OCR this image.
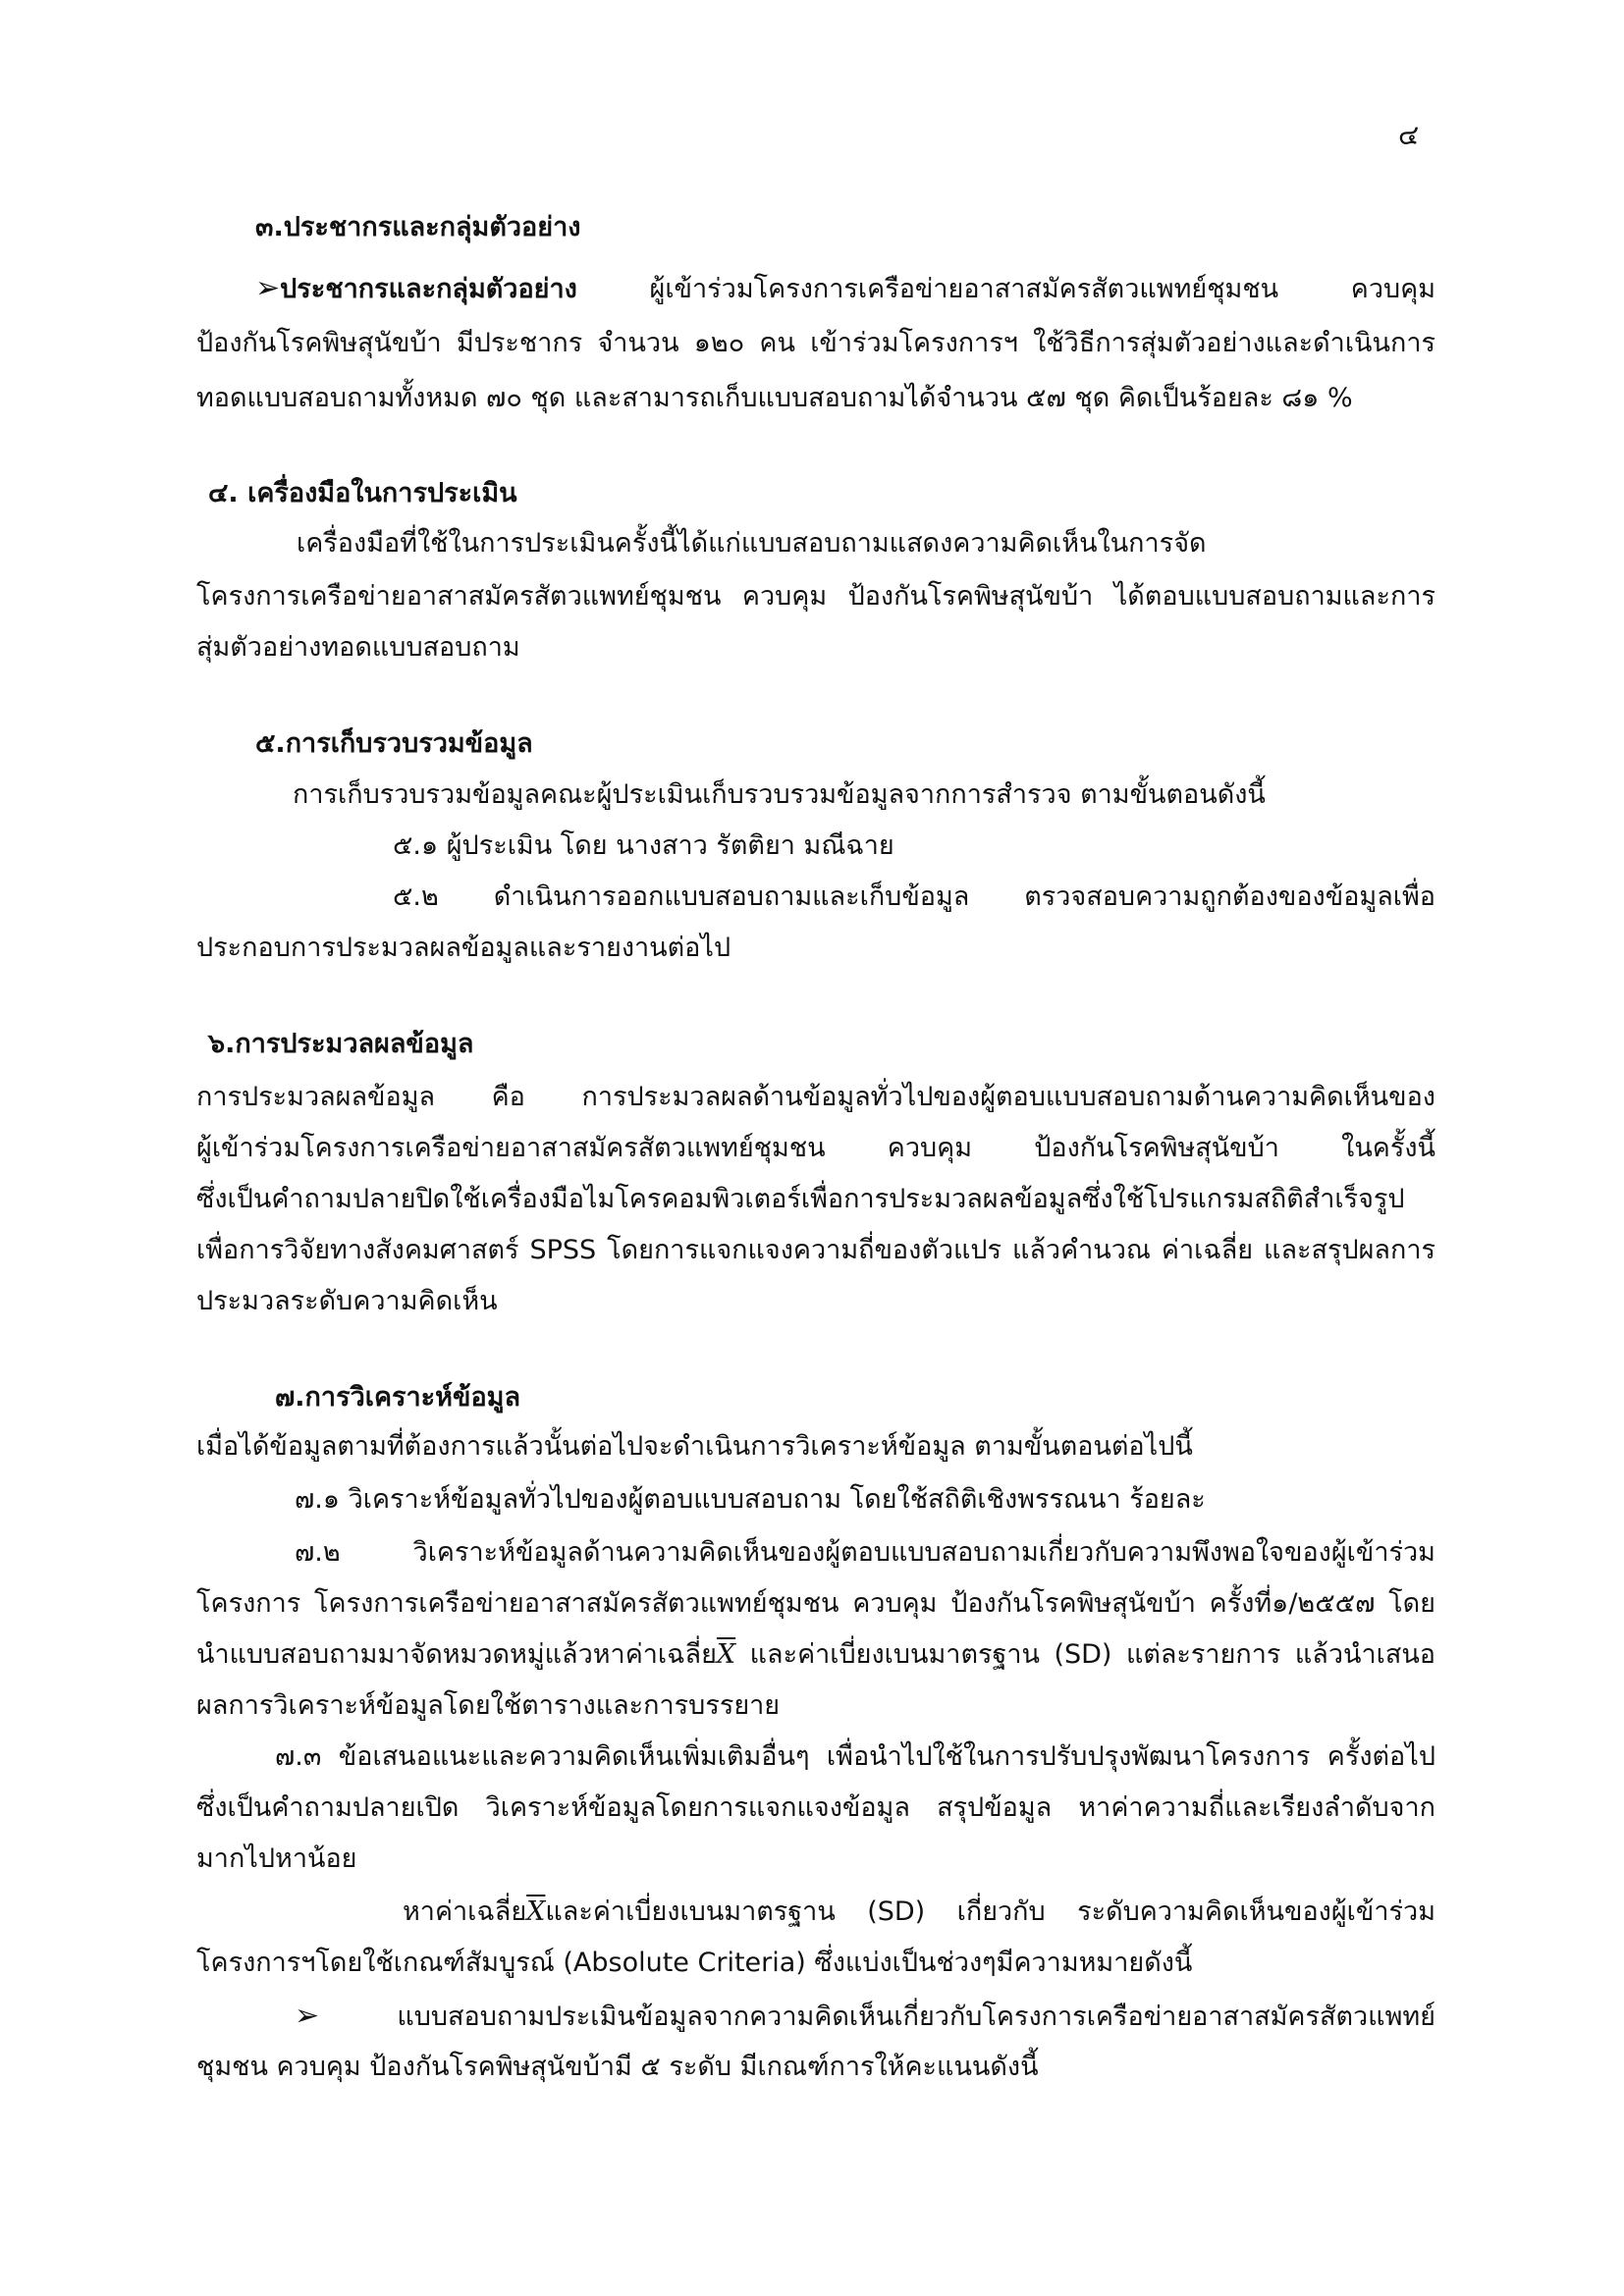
๔
๓.ประชากรและกลุ่มตัวอย่าง
➢ประชากรและกลุ่มตัวอย่าง ผู้เข้าร่วมโครงการเครือข่ายอาสาสมัครสัตวแพทย์ชุมชน ควบคุม
ป้องกันโรคพิษสุนัขบ้า มีประชากร จำนวน ๑๒๐ คน เข้าร่วมโครงการฯ ใช้วิธีการสุ่มตัวอย่างและดำเนินการ
ทอดแบบสอบถามทั้งหมด ๗๐ ชุด และสามารถเก็บแบบสอบถามได้จำนวน ๕๗ ชุด คิดเป็นร้อยละ ๘๑ %
๔. เครื่องมือในการประเมิน
เครื่องมือที่ใช้ในการประเมินครั้งนี้ได้แก่แบบสอบถามแสดงความคิดเห็นในการจัด
โครงการเครือข่ายอาสาสมัครสัตวแพทย์ชุมชน ควบคุม ป้องกันโรคพิษสุนัขบ้า ได้ตอบแบบสอบถามและการ
สุ่มตัวอย่างทอดแบบสอบถาม
๕.การเก็บรวบรวมข้อมูล
การเก็บรวบรวมข้อมูลคณะผู้ประเมินเก็บรวบรวมข้อมูลจากการสำรวจ ตามขั้นตอนดังนี้
๕.๑ ผู้ประเมิน โดย นางสาว รัตติยา มณีฉาย
๕.๒ ดำเนินการออกแบบสอบถามและเก็บข้อมูล ตรวจสอบความถูกต้องของข้อมูลเพื่อ
ประกอบการประมวลผลข้อมูลและรายงานต่อไป
๖.การประมวลผลข้อมูล
การประมวลผลข้อมูล คือ การประมวลผลด้านข้อมูลทั่วไปของผู้ตอบแบบสอบถามด้านความคิดเห็นของ
ผู้เข้าร่วมโครงการเครือข่ายอาสาสมัครสัตวแพทย์ชุมชน ควบคุม ป้องกันโรคพิษสุนัขบ้า ในครั้งนี้
ซึ่งเป็นคำถามปลายปิดใช้เครื่องมือไมโครคอมพิวเตอร์เพื่อการประมวลผลข้อมูลซึ่งใช้โปรแกรมสถิติสำเร็จรูป
เพื่อการวิจัยทางสังคมศาสตร์ SPSS โดยการแจกแจงความถี่ของตัวแปร แล้วคำนวณ ค่าเฉลี่ย และสรุปผลการ
ประมวลระดับความคิดเห็น
๗.การวิเคราะห์ข้อมูล
เมื่อได้ข้อมูลตามที่ต้องการแล้วนั้นต่อไปจะดำเนินการวิเคราะห์ข้อมูล ตามขั้นตอนต่อไปนี้
๗.๑ วิเคราะห์ข้อมูลทั่วไปของผู้ตอบแบบสอบถาม โดยใช้สถิติเชิงพรรณนา ร้อยละ
๗.๒ วิเคราะห์ข้อมูลด้านความคิดเห็นของผู้ตอบแบบสอบถามเกี่ยวกับความพึงพอใจของผู้เข้าร่วม
โครงการ โครงการเครือข่ายอาสาสมัครสัตวแพทย์ชุมชน ควบคุม ป้องกันโรคพิษสุนัขบ้า ครั้งที่๑/๒๕๕๗ โดย
นำแบบสอบถามมาจัดหมวดหมู่แล้วหาค่าเฉลี่ย$\overline{X}$ และค่าเบี่ยงเบนมาตรฐาน (SD) แต่ละรายการ แล้วนำเสนอ
ผลการวิเคราะห์ข้อมูลโดยใช้ตารางและการบรรยาย
๗.๓ ข้อเสนอแนะและความคิดเห็นเพิ่มเติมอื่นๆ เพื่อนำไปใช้ในการปรับปรุงพัฒนาโครงการ ครั้งต่อไป
ซึ่งเป็นคำถามปลายเปิด วิเคราะห์ข้อมูลโดยการแจกแจงข้อมูล สรุปข้อมูล หาค่าความถี่และเรียงลำดับจาก
มากไปหาน้อย
หาค่าเฉลี่ย$\overline{X}$และค่าเบี่ยงเบนมาตรฐาน (SD) เกี่ยวกับ ระดับความคิดเห็นของผู้เข้าร่วม
โครงการฯโดยใช้เกณฑ์สัมบูรณ์ (Absolute Criteria) ซึ่งแบ่งเป็นช่วงๆมีความหมายดังนี้
➢ แบบสอบถามประเมินข้อมูลจากความคิดเห็นเกี่ยวกับโครงการเครือข่ายอาสาสมัครสัตวแพทย์
ชุมชน ควบคุม ป้องกันโรคพิษสุนัขบ้ามี ๕ ระดับ มีเกณฑ์การให้คะแนนดังนี้
